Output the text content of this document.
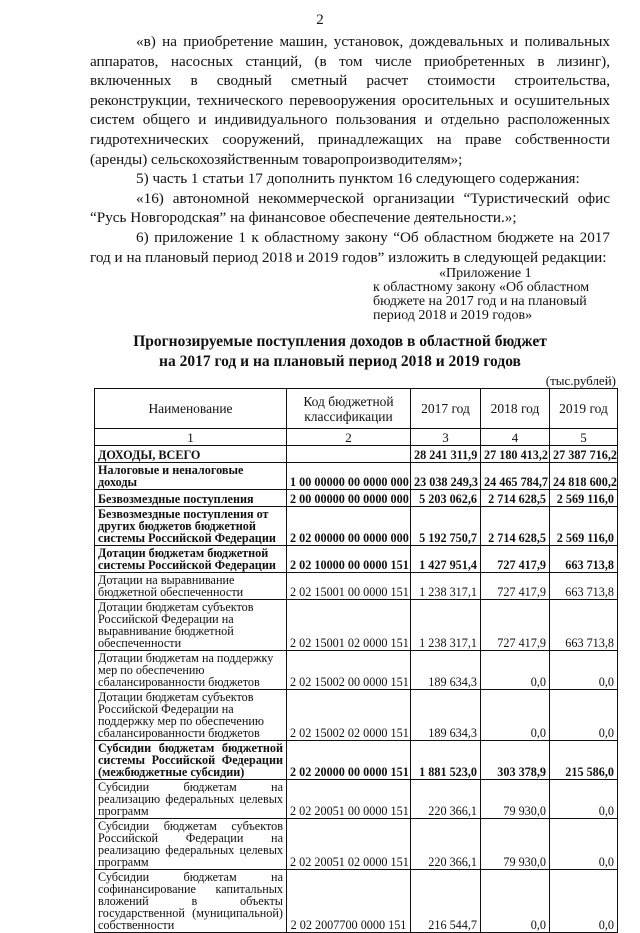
2

«в) на приобретение машин, установок, дождевальных и поливальных аппаратов, насосных станций, (в том числе приобретенных в лизинг), включенных в сводный сметный расчет стоимости строительства, реконструкции, технического перевооружения оросительных и осушительных систем общего и индивидуального пользования и отдельно расположенных гидротехнических сооружений, принадлежащих на праве собственности (аренды) сельскохозяйственным товаропроизводителям»;

5) часть 1 статьи 17 дополнить пунктом 16 следующего содержания:

«16) автономной некоммерческой организации “Туристический офис “Русь Новгородская” на финансовое обеспечение деятельности.»;

6) приложение 1 к областному закону “Об областном бюджете на 2017 год и на плановый период 2018 и 2019 годов” изложить в следующей редакции:

«Приложение 1
к областному закону «Об областном
бюджете на 2017 год и на плановый
период 2018 и 2019 годов»
Прогнозируемые поступления доходов в областной бюджет
на 2017 год и на плановый период 2018 и 2019 годов
(тыс.рублей)
Наименование	Код бюджетной классификации	2017 год	2018 год	2019 год
1	2	3	4	5
ДОХОДЫ, ВСЕГО		28 241 311,9	27 180 413,2	27 387 716,2
Налоговые и неналоговые доходы	1 00 00000 00 0000 000	23 038 249,3	24 465 784,7	24 818 600,2
Безвозмездные поступления	2 00 00000 00 0000 000	5 203 062,6	2 714 628,5	2 569 116,0
Безвозмездные поступления от других бюджетов бюджетной системы Российской Федерации	2 02 00000 00 0000 000	5 192 750,7	2 714 628,5	2 569 116,0
Дотации бюджетам бюджетной системы Российской Федерации	2 02 10000 00 0000 151	1 427 951,4	727 417,9	663 713,8
Дотации на выравнивание бюджетной обеспеченности	2 02 15001 00 0000 151	1 238 317,1	727 417,9	663 713,8
Дотации бюджетам субъектов Российской Федерации на выравнивание бюджетной обеспеченности	2 02 15001 02 0000 151	1 238 317,1	727 417,9	663 713,8
Дотации бюджетам на поддержку мер по обеспечению сбалансированности бюджетов	2 02 15002 00 0000 151	189 634,3	0,0	0,0
Дотации бюджетам субъектов Российской Федерации на поддержку мер по обеспечению сбалансированности бюджетов	2 02 15002 02 0000 151	189 634,3	0,0	0,0
Субсидии бюджетам бюджетной системы Российской Федерации (межбюджетные субсидии)	2 02 20000 00 0000 151	1 881 523,0	303 378,9	215 586,0
Субсидии бюджетам на реализацию федеральных целевых программ	2 02 20051 00 0000 151	220 366,1	79 930,0	0,0
Субсидии бюджетам субъектов Российской Федерации на реализацию федеральных целевых программ	2 02 20051 02 0000 151	220 366,1	79 930,0	0,0
Субсидии бюджетам на софинансирование капитальных вложений в объекты государственной (муниципальной) собственности	2 02 2007700 0000 151	216 544,7	0,0	0,0
